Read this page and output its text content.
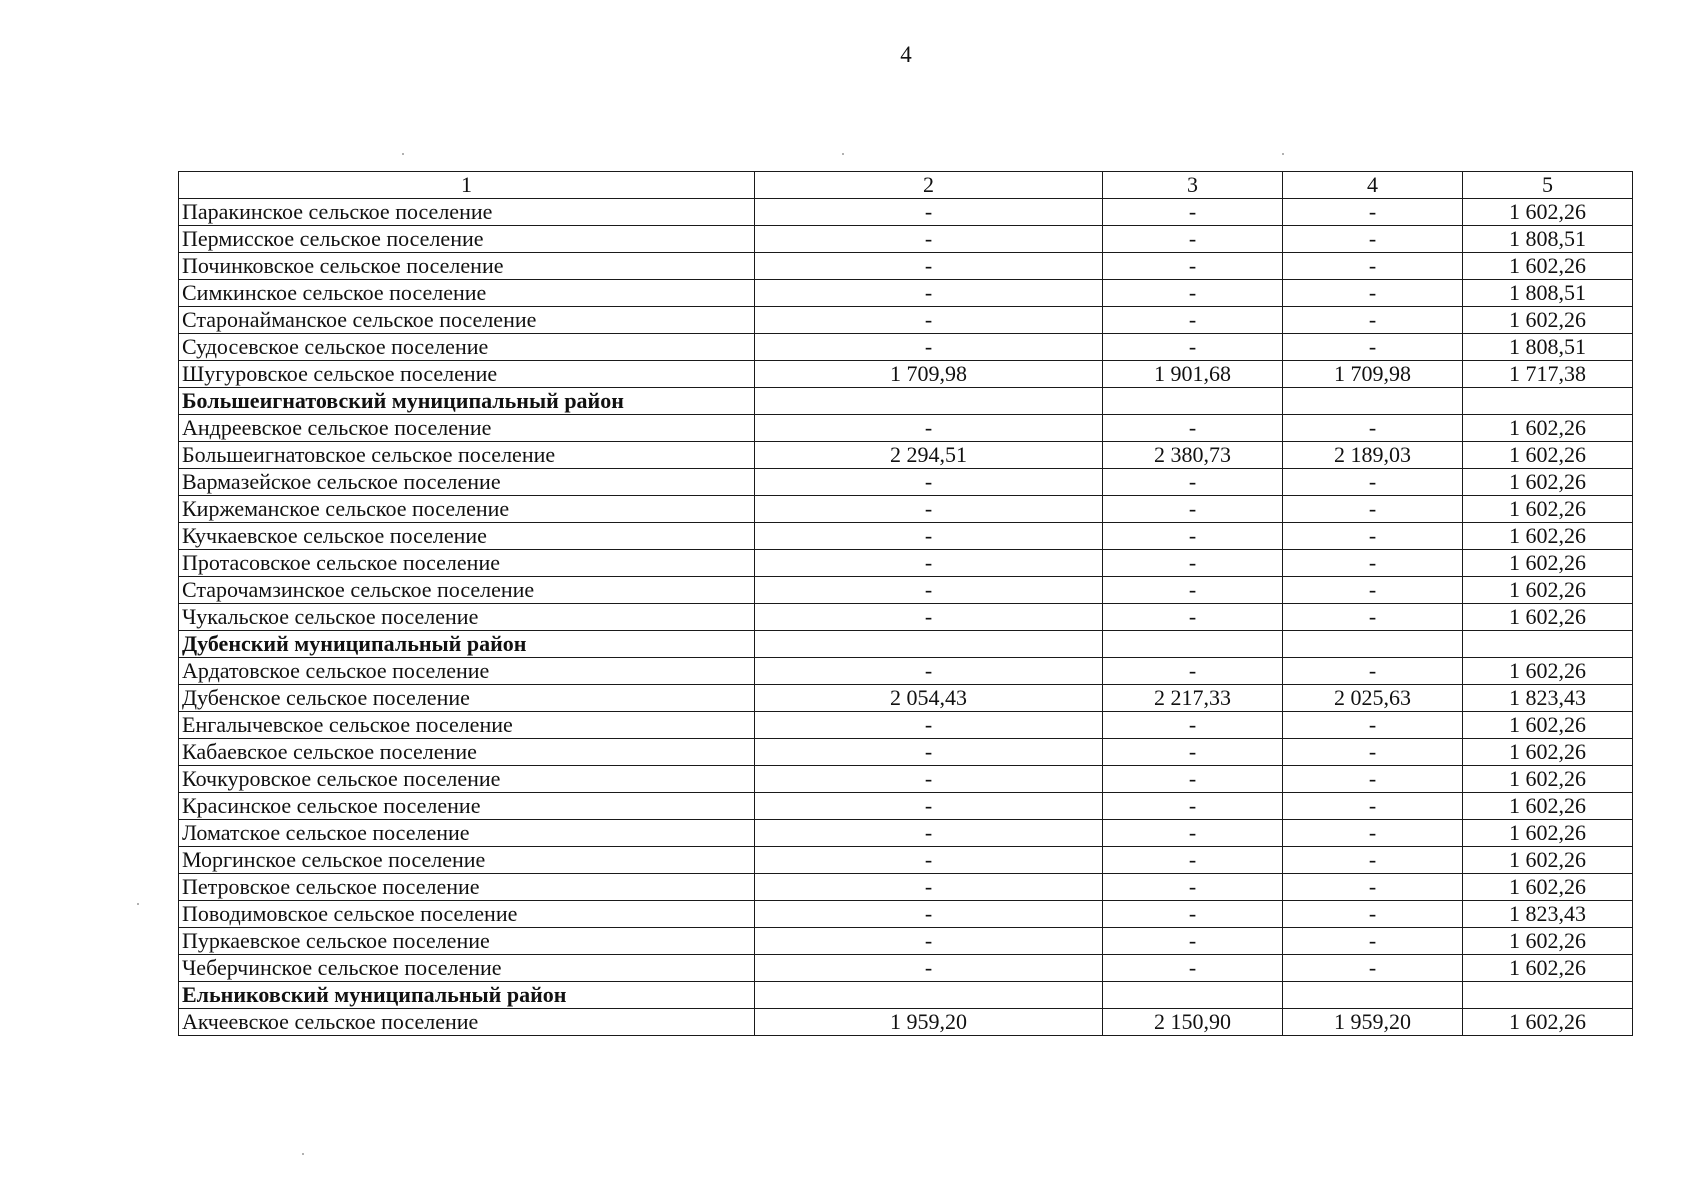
4
1	2	3	4	5
Паракинское сельское поселение	-	-	-	1 602,26
Пермисское сельское поселение	-	-	-	1 808,51
Починковское сельское поселение	-	-	-	1 602,26
Симкинское сельское поселение	-	-	-	1 808,51
Старонайманское сельское поселение	-	-	-	1 602,26
Судосевское сельское поселение	-	-	-	1 808,51
Шугуровское сельское поселение	1 709,98	1 901,68	1 709,98	1 717,38
Большеигнатовский муниципальный район				
Андреевское сельское поселение	-	-	-	1 602,26
Большеигнатовское сельское поселение	2 294,51	2 380,73	2 189,03	1 602,26
Вармазейское сельское поселение	-	-	-	1 602,26
Киржеманское сельское поселение	-	-	-	1 602,26
Кучкаевское сельское поселение	-	-	-	1 602,26
Протасовское сельское поселение	-	-	-	1 602,26
Старочамзинское сельское поселение	-	-	-	1 602,26
Чукальское сельское поселение	-	-	-	1 602,26
Дубенский муниципальный район				
Ардатовское сельское поселение	-	-	-	1 602,26
Дубенское сельское поселение	2 054,43	2 217,33	2 025,63	1 823,43
Енгалычевское сельское поселение	-	-	-	1 602,26
Кабаевское сельское поселение	-	-	-	1 602,26
Кочкуровское сельское поселение	-	-	-	1 602,26
Красинское сельское поселение	-	-	-	1 602,26
Ломатское сельское поселение	-	-	-	1 602,26
Моргинское сельское поселение	-	-	-	1 602,26
Петровское сельское поселение	-	-	-	1 602,26
Поводимовское сельское поселение	-	-	-	1 823,43
Пуркаевское сельское поселение	-	-	-	1 602,26
Чеберчинское сельское поселение	-	-	-	1 602,26
Ельниковский муниципальный район				
Акчеевское сельское поселение	1 959,20	2 150,90	1 959,20	1 602,26
